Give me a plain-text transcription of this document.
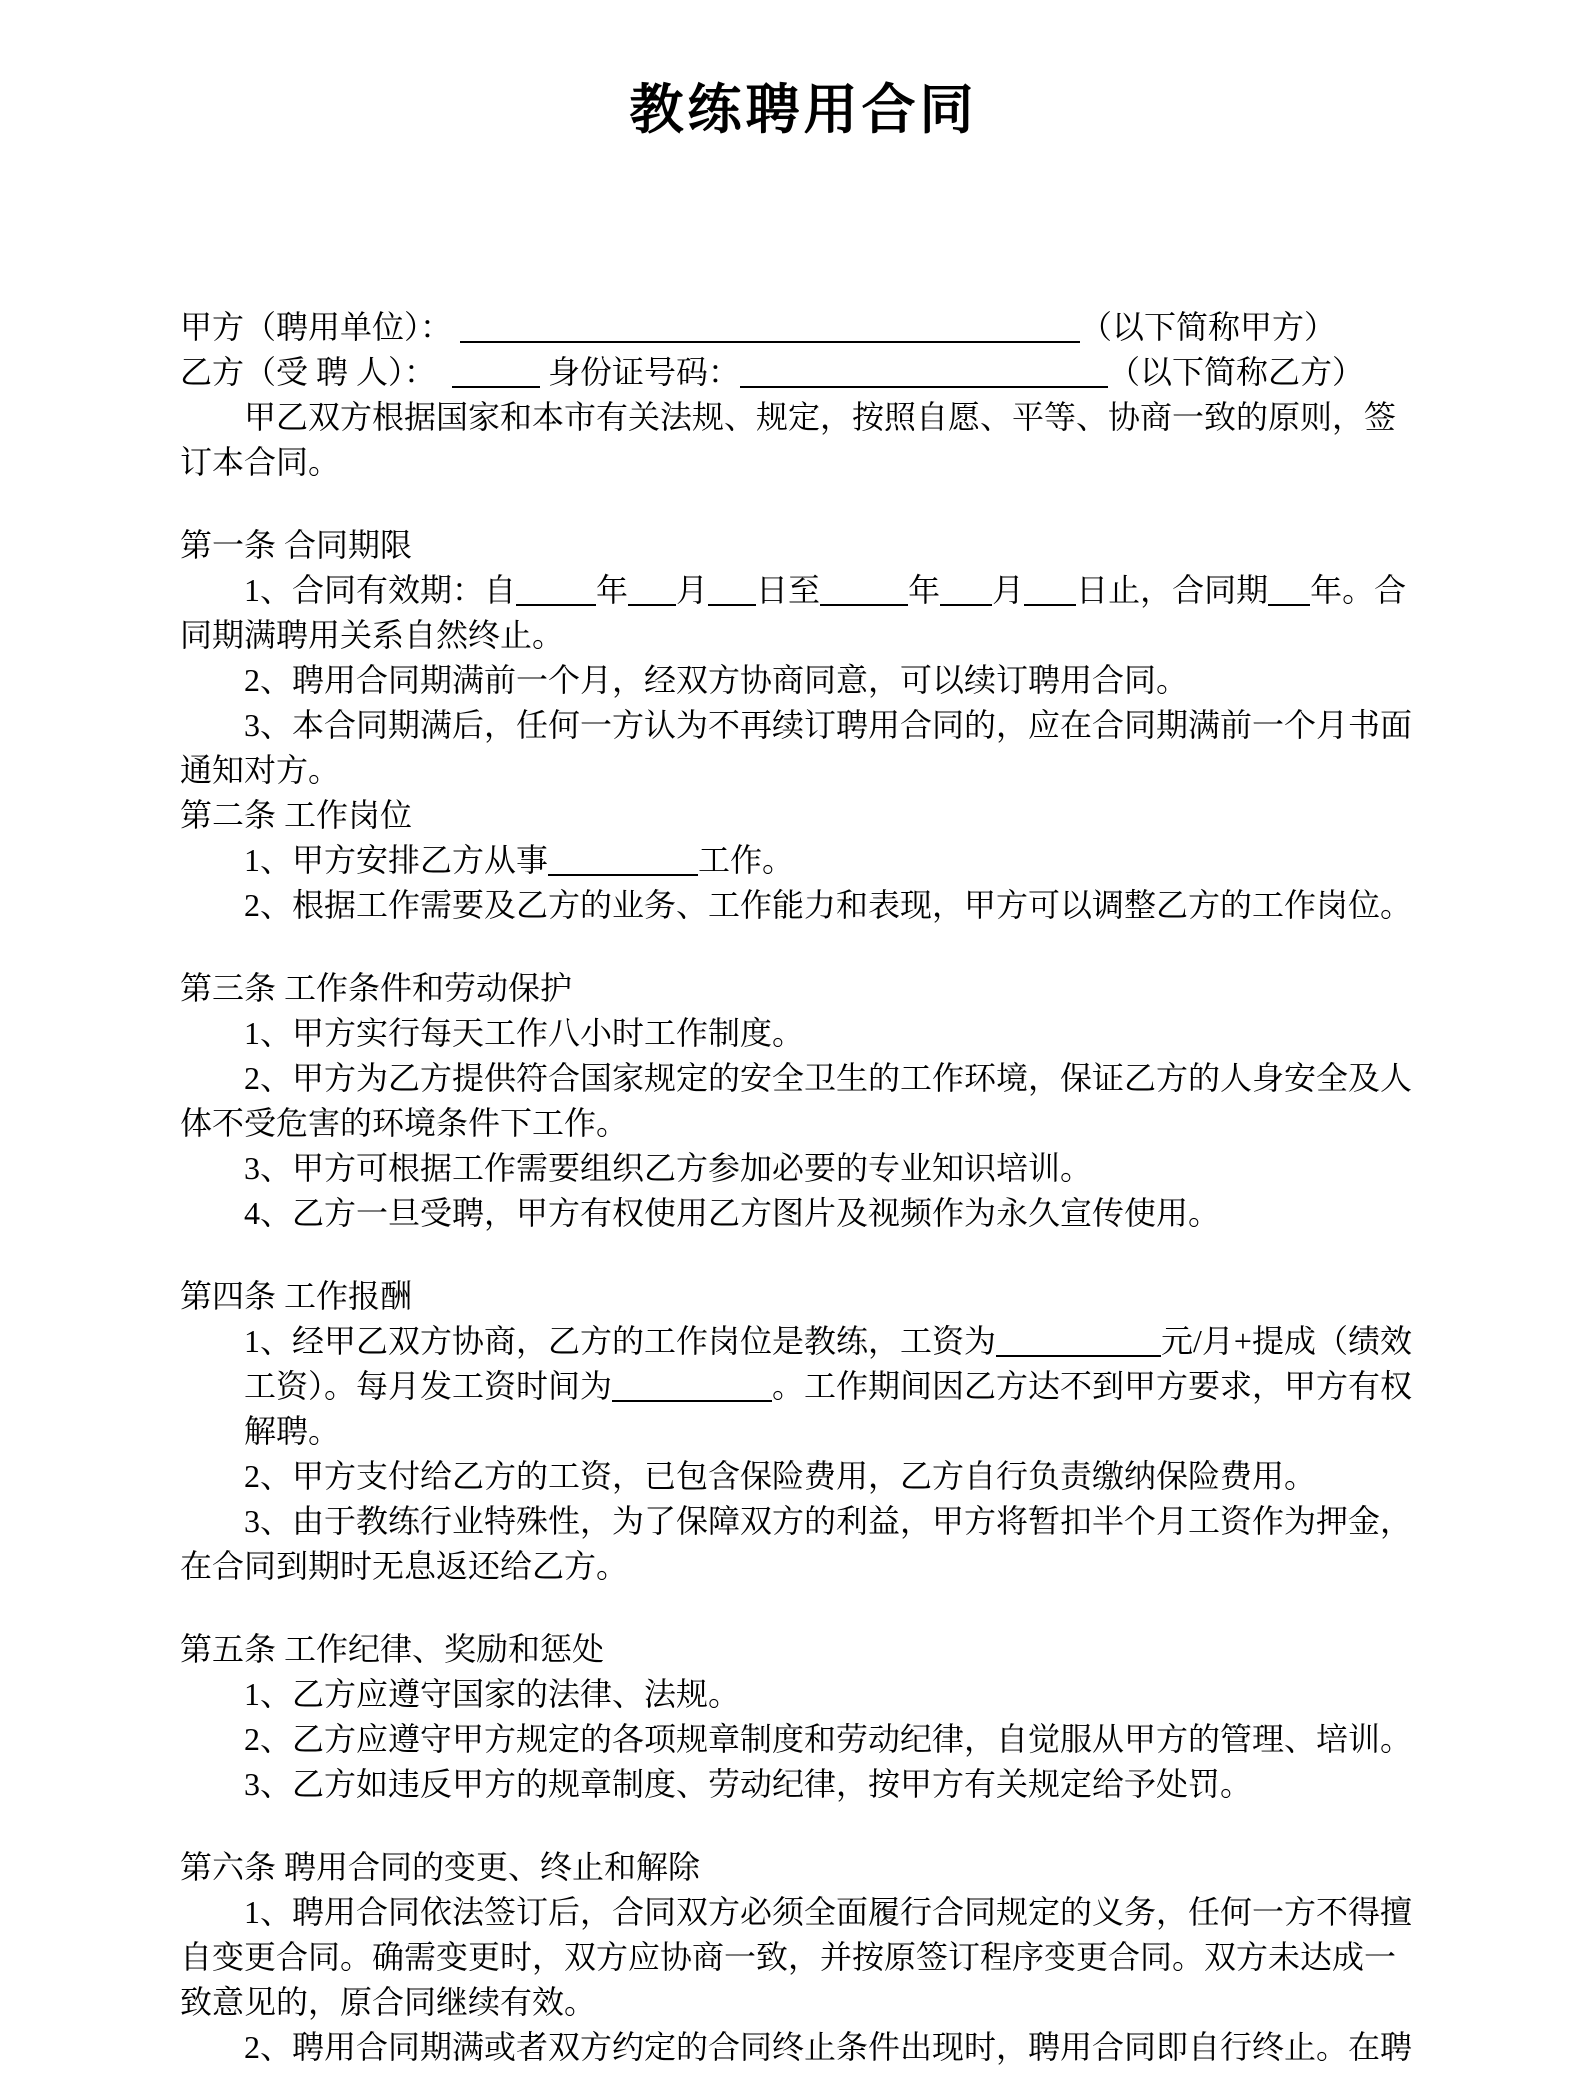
教练聘用合同
甲方（聘用单位）：	（以下简称甲方）
乙方（受 聘 人）：	身份证号码：	（以下简称乙方）
甲乙双方根据国家和本市有关法规、规定，按照自愿、平等、协商一致的原则，签
订本合同。
第一条 合同期限
1、合同有效期：自	年 月 日至	年 月 日止，合同期 年。合
同期满聘用关系自然终止。
2、聘用合同期满前一个月，经双方协商同意，可以续订聘用合同。
3、本合同期满后，任何一方认为不再续订聘用合同的，应在合同期满前一个月书面
通知对方。
第二条 工作岗位
1、甲方安排乙方从事	工作。
2、根据工作需要及乙方的业务、工作能力和表现，甲方可以调整乙方的工作岗位。
第三条 工作条件和劳动保护
1、甲方实行每天工作八小时工作制度。
2、甲方为乙方提供符合国家规定的安全卫生的工作环境，保证乙方的人身安全及人
体不受危害的环境条件下工作。
3、甲方可根据工作需要组织乙方参加必要的专业知识培训。
4、乙方一旦受聘，甲方有权使用乙方图片及视频作为永久宣传使用。
第四条 工作报酬
1、经甲乙双方协商，乙方的工作岗位是教练，工资为	元/月+提成（绩效
工资）。每月发工资时间为	。工作期间因乙方达不到甲方要求，甲方有权
解聘。
2、甲方支付给乙方的工资，已包含保险费用，乙方自行负责缴纳保险费用。
3、由于教练行业特殊性，为了保障双方的利益，甲方将暂扣半个月工资作为押金，
在合同到期时无息返还给乙方。
第五条 工作纪律、奖励和惩处
1、乙方应遵守国家的法律、法规。
2、乙方应遵守甲方规定的各项规章制度和劳动纪律，自觉服从甲方的管理、培训。
3、乙方如违反甲方的规章制度、劳动纪律，按甲方有关规定给予处罚。
第六条 聘用合同的变更、终止和解除
1、聘用合同依法签订后，合同双方必须全面履行合同规定的义务，任何一方不得擅
自变更合同。确需变更时，双方应协商一致，并按原签订程序变更合同。双方未达成一
致意见的，原合同继续有效。
2、聘用合同期满或者双方约定的合同终止条件出现时，聘用合同即自行终止。在聘
